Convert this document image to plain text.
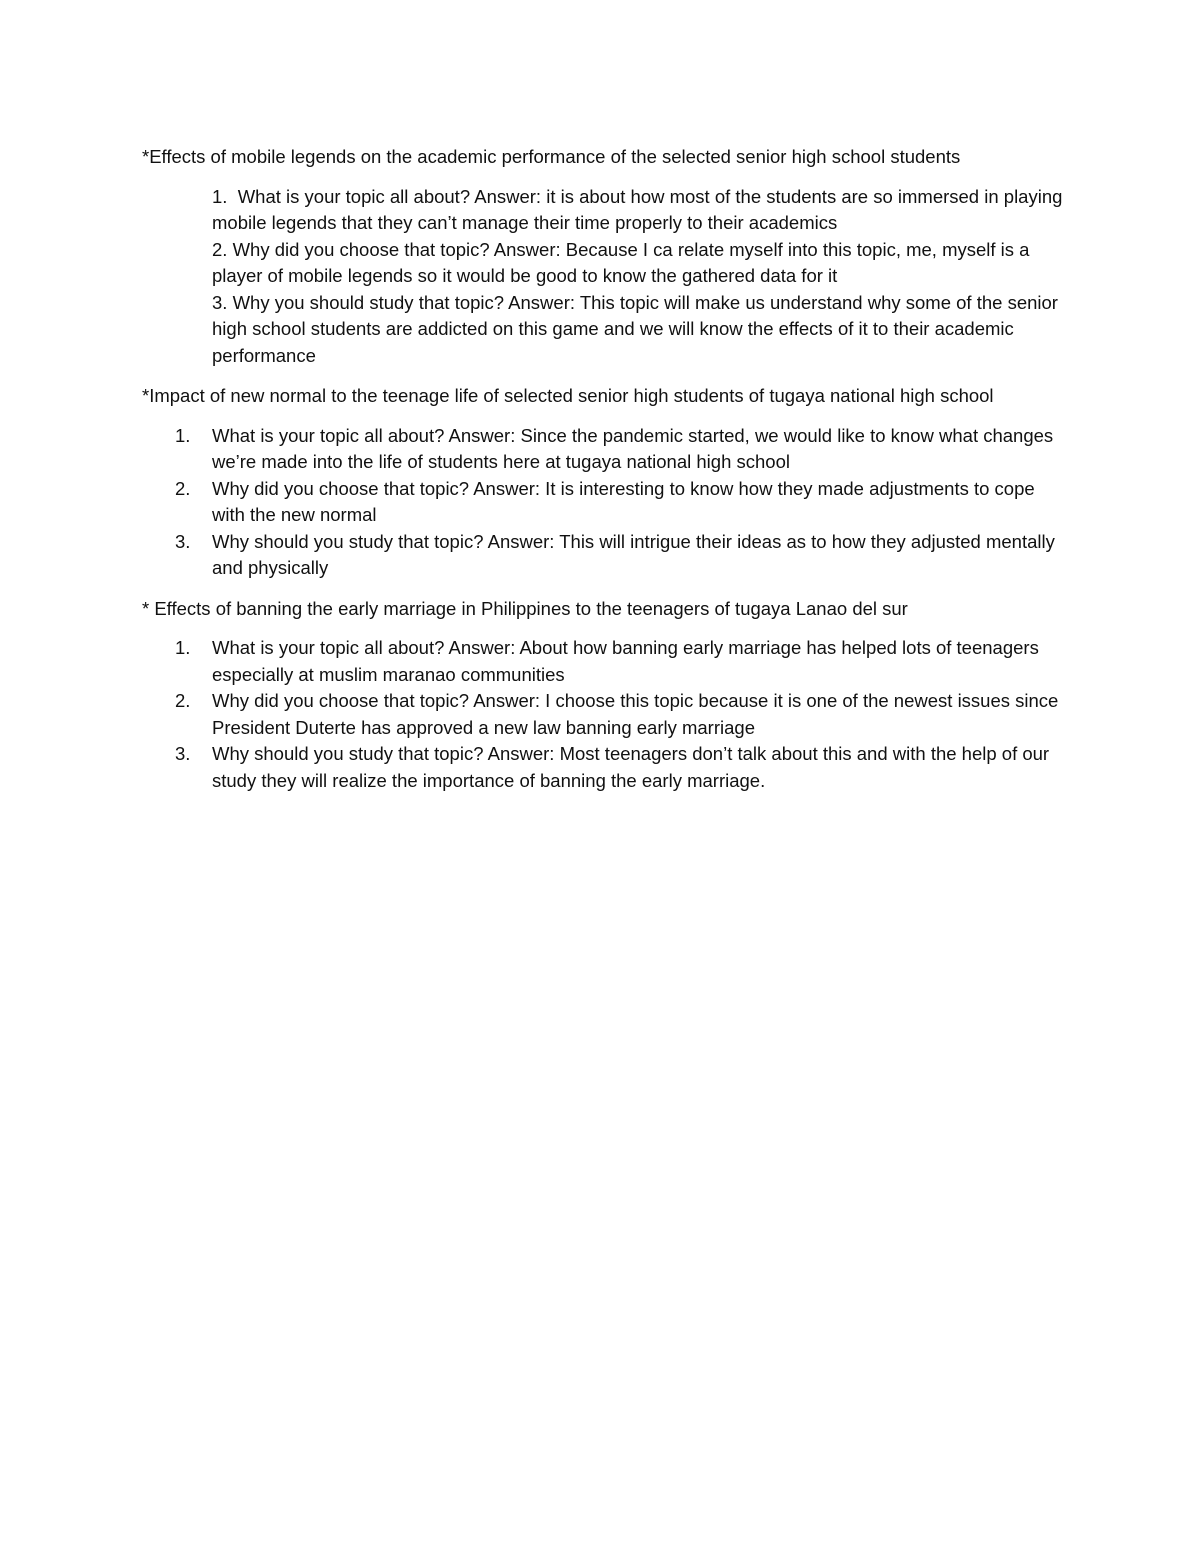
*Effects of mobile legends on the academic performance of the selected senior high school students

1. What is your topic all about? Answer: it is about how most of the students are so immersed in playing mobile legends that they can’t manage their time properly to their academics
2. Why did you choose that topic? Answer: Because I ca relate myself into this topic, me, myself is a player of mobile legends so it would be good to know the gathered data for it
3. Why you should study that topic? Answer: This topic will make us understand why some of the senior high school students are addicted on this game and we will know the effects of it to their academic performance

*Impact of new normal to the teenage life of selected senior high students of tugaya national high school

1.	What is your topic all about? Answer: Since the pandemic started, we would like to know what changes we’re made into the life of students here at tugaya national high school
2.	Why did you choose that topic? Answer: It is interesting to know how they made adjustments to cope with the new normal
3.	Why should you study that topic? Answer: This will intrigue their ideas as to how they adjusted mentally and physically

* Effects of banning the early marriage in Philippines to the teenagers of tugaya Lanao del sur

1.	What is your topic all about? Answer: About how banning early marriage has helped lots of teenagers especially at muslim maranao communities
2.	Why did you choose that topic? Answer: I choose this topic because it is one of the newest issues since President Duterte has approved a new law banning early marriage
3.	Why should you study that topic? Answer: Most teenagers don’t talk about this and with the help of our study they will realize the importance of banning the early marriage.
